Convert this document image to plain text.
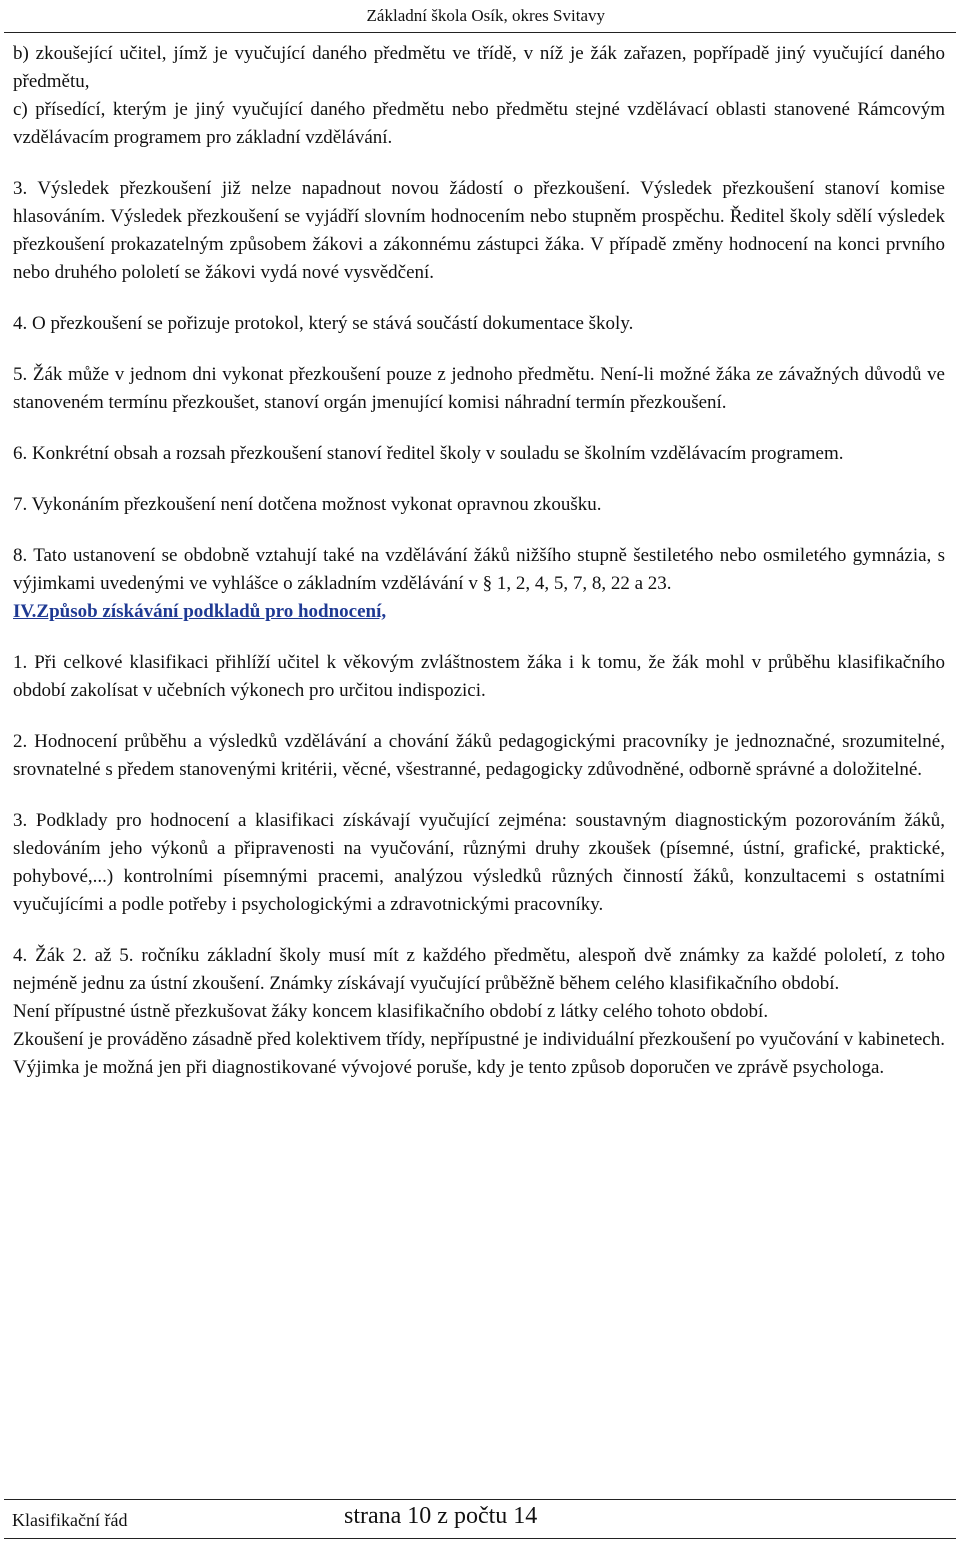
Základní škola Osík, okres Svitavy

b) zkoušející učitel, jímž je vyučující daného předmětu ve třídě, v níž je žák zařazen, popřípadě jiný vyučující daného předmětu,

c) přísedící, kterým je jiný vyučující daného předmětu nebo předmětu stejné vzdělávací oblasti stanovené Rámcovým vzdělávacím programem pro základní vzdělávání.

3. Výsledek přezkoušení již nelze napadnout novou žádostí o přezkoušení. Výsledek přezkoušení stanoví komise hlasováním. Výsledek přezkoušení se vyjádří slovním hodnocením nebo stupněm prospěchu. Ředitel školy sdělí výsledek přezkoušení prokazatelným způsobem žákovi a zákonnému zástupci žáka. V případě změny hodnocení na konci prvního nebo druhého pololetí se žákovi vydá nové vysvědčení.

4. O přezkoušení se pořizuje protokol, který se stává součástí dokumentace školy.

5. Žák může v jednom dni vykonat přezkoušení pouze z jednoho předmětu. Není-li možné žáka ze závažných důvodů ve stanoveném termínu přezkoušet, stanoví orgán jmenující komisi náhradní termín přezkoušení.

6. Konkrétní obsah a rozsah přezkoušení stanoví ředitel školy v souladu se školním vzdělávacím programem.

7. Vykonáním přezkoušení není dotčena možnost vykonat opravnou zkoušku.

8. Tato ustanovení se obdobně vztahují také na vzdělávání žáků nižšího stupně šestiletého nebo osmiletého gymnázia, s výjimkami uvedenými ve vyhlášce o základním vzdělávání v § 1, 2, 4, 5, 7, 8, 22 a 23.

IV.Způsob získávání podkladů pro hodnocení,

1. Při celkové klasifikaci přihlíží učitel k věkovým zvláštnostem žáka i k tomu, že žák mohl v průběhu klasifikačního období zakolísat v učebních výkonech pro určitou indispozici.

2. Hodnocení průběhu a výsledků vzdělávání a chování žáků pedagogickými pracovníky je jednoznačné, srozumitelné, srovnatelné s předem stanovenými kritérii, věcné, všestranné, pedagogicky zdůvodněné, odborně správné a doložitelné.

3. Podklady pro hodnocení a klasifikaci získávají vyučující zejména: soustavným diagnostickým pozorováním žáků, sledováním jeho výkonů a připravenosti na vyučování, různými druhy zkoušek (písemné, ústní, grafické, praktické, pohybové,...) kontrolními písemnými pracemi, analýzou výsledků různých činností žáků, konzultacemi s ostatními vyučujícími a podle potřeby i psychologickými a zdravotnickými pracovníky.

4. Žák 2. až 5. ročníku základní školy musí mít z každého předmětu, alespoň dvě známky za každé pololetí, z toho nejméně jednu za ústní zkoušení. Známky získávají vyučující průběžně během celého klasifikačního období.

Není přípustné ústně přezkušovat žáky koncem klasifikačního období z látky celého tohoto období.

Zkoušení je prováděno zásadně před kolektivem třídy, nepřípustné je individuální přezkoušení po vyučování v kabinetech. Výjimka je možná jen při diagnostikované vývojové poruše, kdy je tento způsob doporučen ve zprávě psychologa.

Klasifikační řád	strana 10 z počtu 14
